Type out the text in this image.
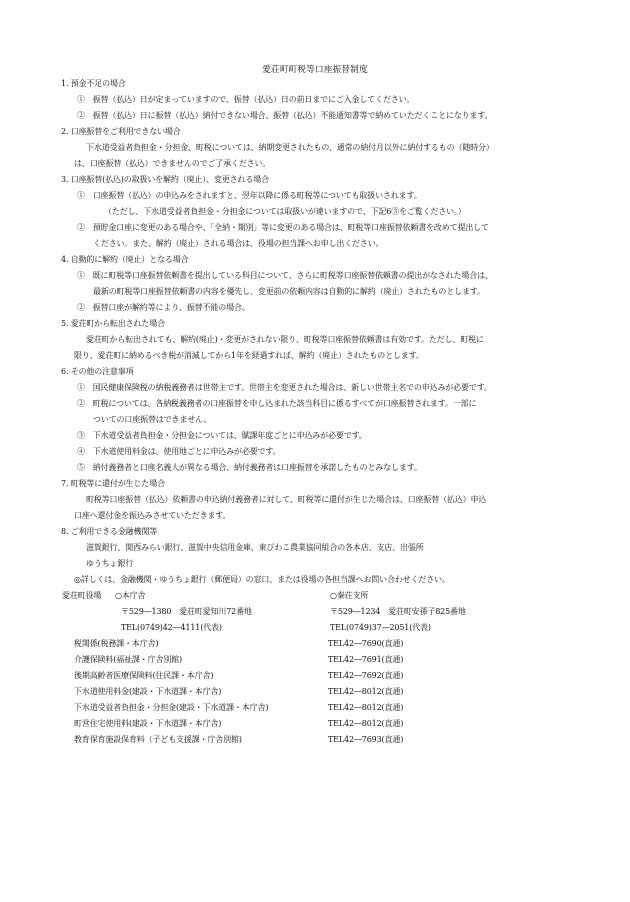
愛荘町町税等口座振替制度
1. 預金不足の場合
①　振替（払込）日が定まっていますので、振替（払込）日の前日までにご入金してください。
②　振替（払込）日に振替（払込）納付できない場合、振替（払込）不能通知書等で納めていただくことになります。
2. 口座振替をご利用できない場合
下水道受益者負担金・分担金、町税については、納期変更されたもの、通常の納付月以外に納付するもの（随時分）
は、口座振替（払込）できませんのでご了承ください。
3. 口座振替(払込)の取扱いを解約（廃止）、変更される場合
①　口座振替（払込）の申込みをされますと、翌年以降に係る町税等についても取扱いされます。
（ただし、下水道受益者負担金・分担金については取扱いが違いますので、下記6③をご覧ください。）
②　預貯金口座に変更のある場合や、「全納・期別」等に変更のある場合は、町税等口座振替依頼書を改めて提出して
ください。また、解約（廃止）される場合は、役場の担当課へお申し出ください。
4. 自動的に解約（廃止）となる場合
①　既に町税等口座振替依頼書を提出している科目について、さらに町税等口座振替依頼書の提出がなされた場合は、
最新の町税等口座振替依頼書の内容を優先し、変更前の依頼内容は自動的に解約（廃止）されたものとします。
②　振替口座が解約等により、振替不能の場合。
5. 愛荘町から転出された場合
愛荘町から転出されても、解約(廃止)・変更がされない限り、町税等口座振替依頼書は有効です。ただし、町税に
限り、愛荘町に納めるべき税が消滅してから1年を経過すれば、解約（廃止）されたものとします。
6. その他の注意事項
①　国民健康保険税の納税義務者は世帯主です。世帯主を変更された場合は、新しい世帯主名での申込みが必要です。
②　町税については、各納税義務者の口座振替を申し込まれた該当科目に係るすべてが口座振替されます。一部に
ついての口座振替はできません。
③　下水道受益者負担金・分担金については、賦課年度ごとに申込みが必要です。
④　下水道使用料金は、使用地ごとに申込みが必要です。
⑤　納付義務者と口座名義人が異なる場合、納付義務者は口座振替を承諾したものとみなします。
7. 町税等に還付が生じた場合
町税等口座振替（払込）依頼書の申込納付義務者に対して、町税等に還付が生じた場合は、口座振替（払込）申込
口座へ還付金を振込みさせていただきます。
8. ご利用できる金融機関等
滋賀銀行、関西みらい銀行、滋賀中央信用金庫、東びわこ農業協同組合の各本店、支店、出張所
ゆうちょ銀行
◎詳しくは、金融機関・ゆうちょ銀行（郵便局）の窓口、または役場の各担当課へお問い合わせください。
愛荘町役場 ○本庁舎	○秦荘支所
〒529―1380　愛荘町愛知川72番地	〒529―1234　愛荘町安孫子825番地
TEL(0749)42―4111(代表)	TEL(0749)37―2051(代表)
税関係(税務課・本庁舎)	TEL42―7690(直通)
介護保険料(福祉課・庁舎別館)	TEL42―7691(直通)
後期高齢者医療保険料(住民課・本庁舎)	TEL42―7692(直通)
下水道使用料金(建設・下水道課・本庁舎)	TEL42―8012(直通)
下水道受益者負担金・分担金(建設・下水道課・本庁舎)	TEL42―8012(直通)
町営住宅使用料(建設・下水道課・本庁舎)	TEL42―8012(直通)
教育保育施設保育料（子ども支援課・庁舎別館)	TEL42―7693(直通)
